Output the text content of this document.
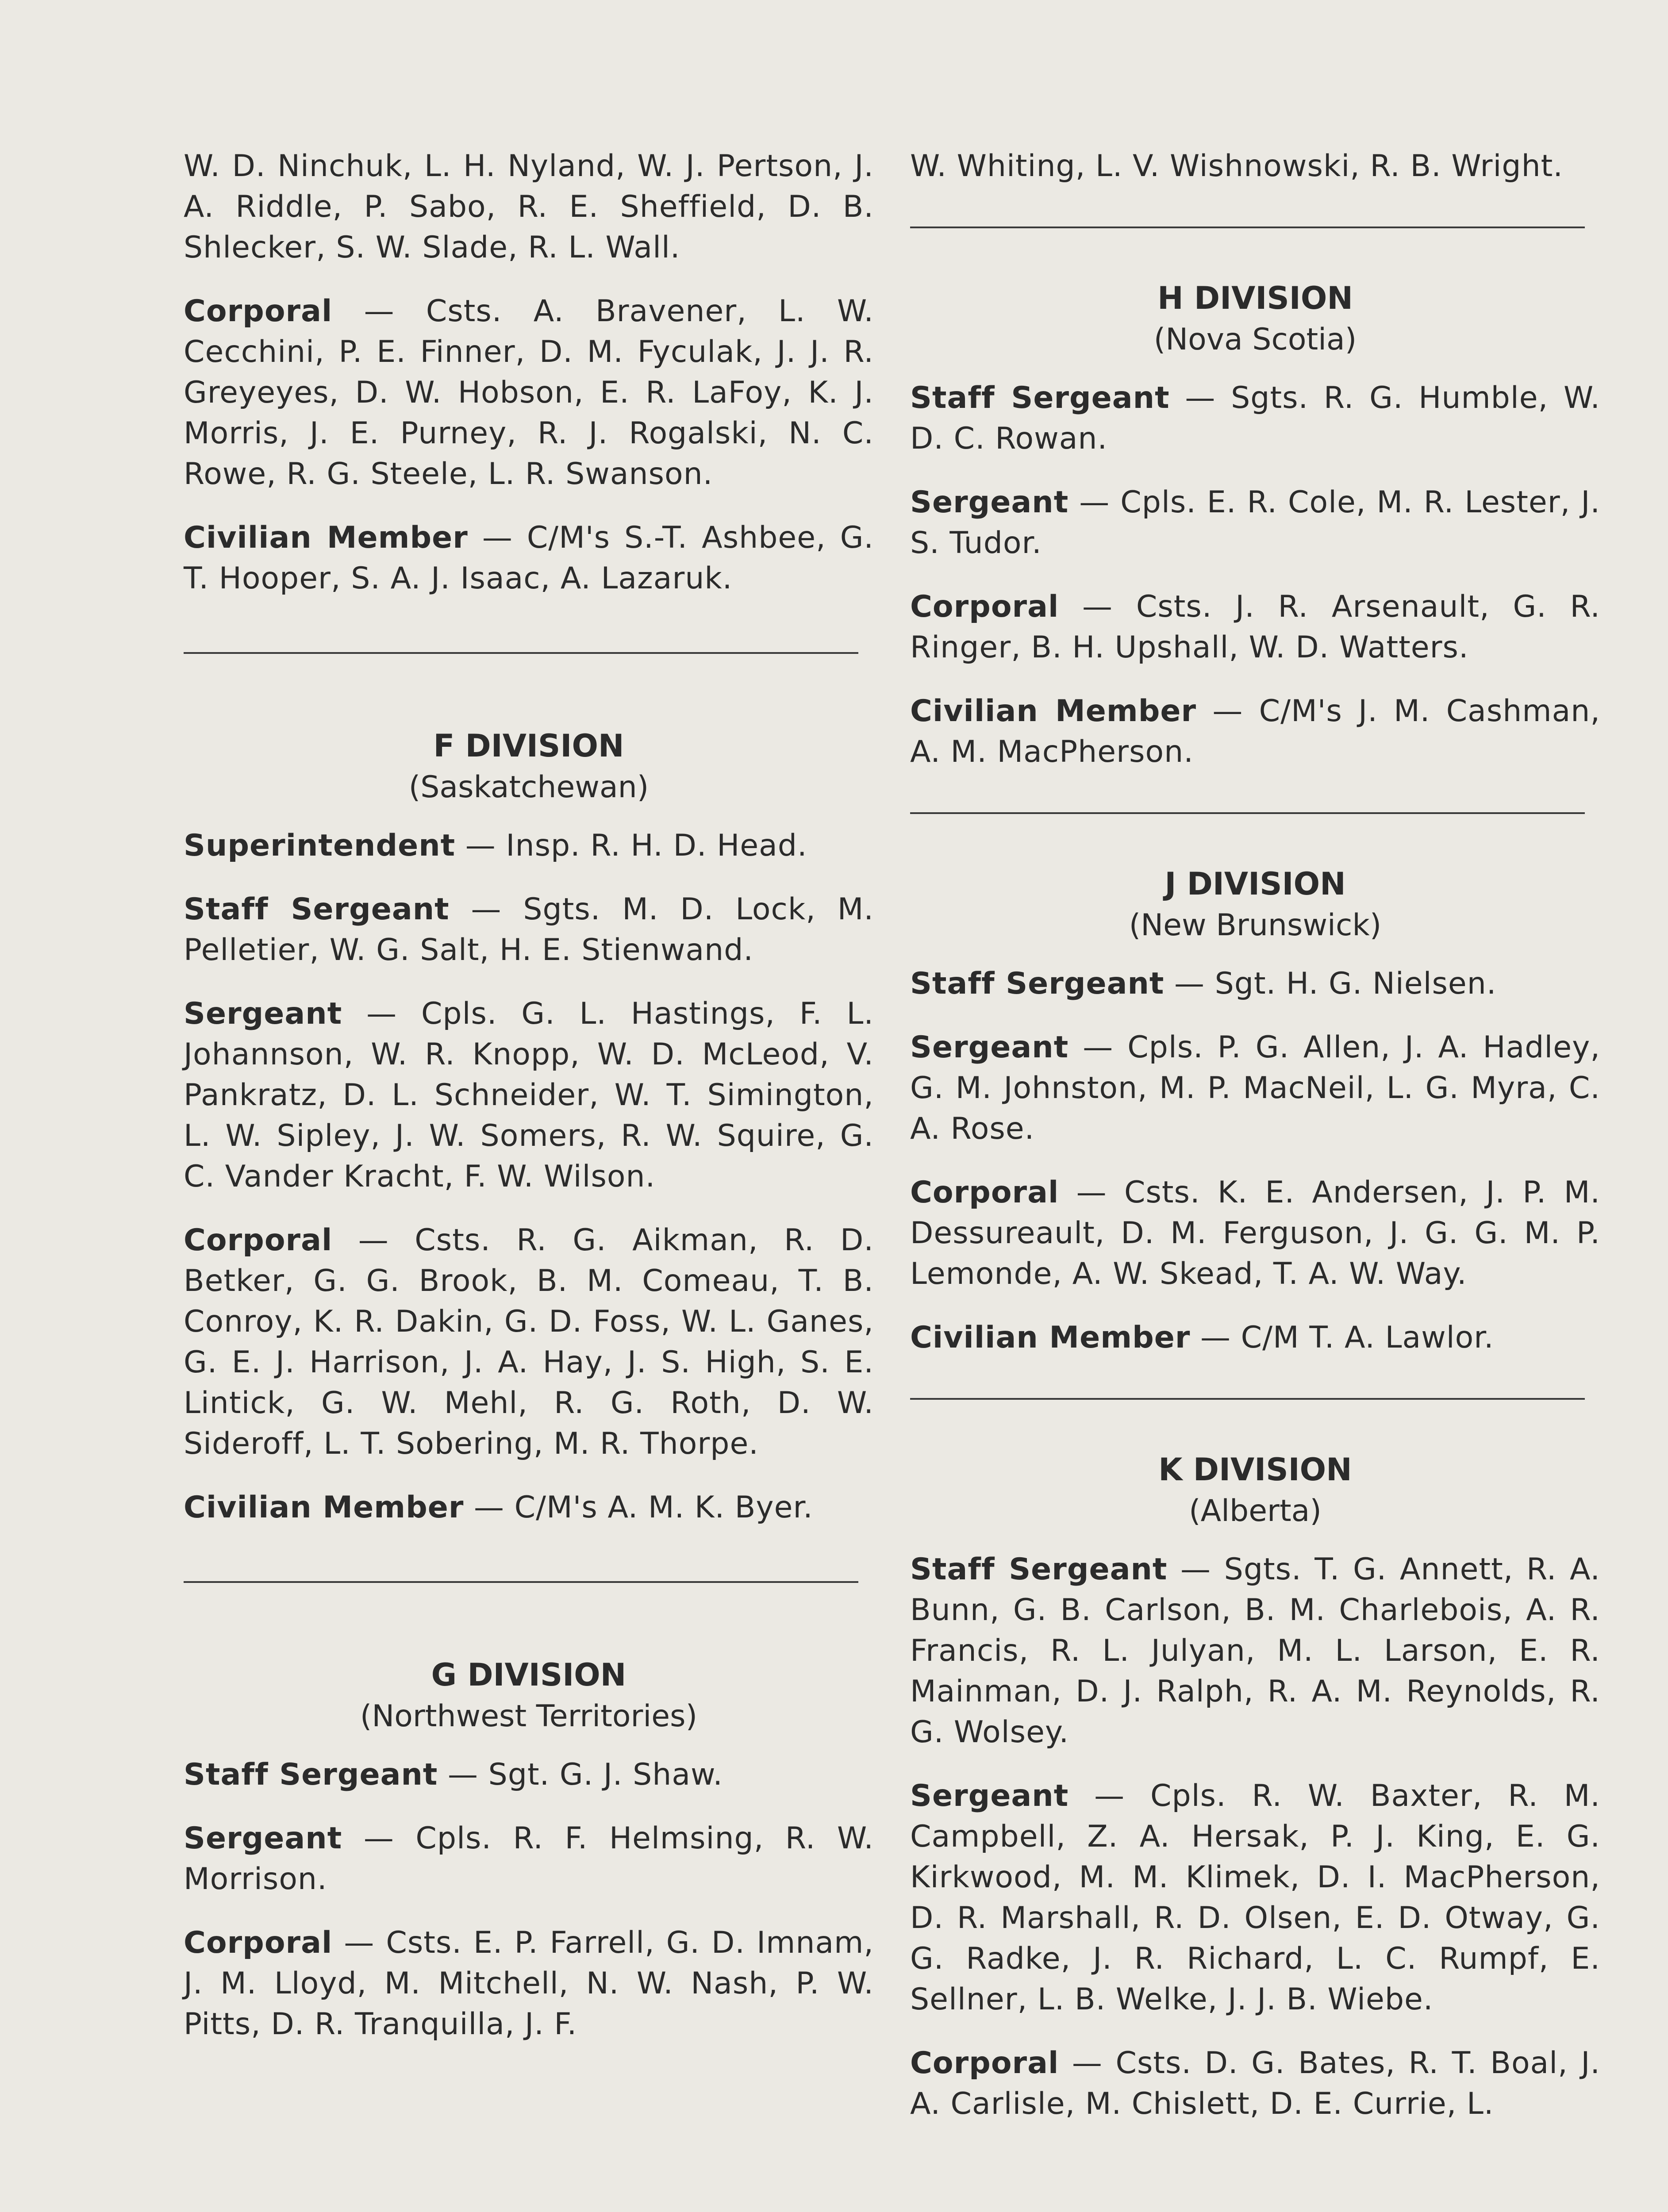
W. D. Ninchuk, L. H. Nyland, W. J. Pertson, J. A. Riddle, P. Sabo, R. E. Sheffield, D. B. Shlecker, S. W. Slade, R. L. Wall.

Corporal — Csts. A. Bravener, L. W. Cecchini, P. E. Finner, D. M. Fyculak, J. J. R. Greyeyes, D. W. Hobson, E. R. LaFoy, K. J. Morris, J. E. Purney, R. J. Rogalski, N. C. Rowe, R. G. Steele, L. R. Swanson.

Civilian Member — C/M's S.-T. Ashbee, G. T. Hooper, S. A. J. Isaac, A. Lazaruk.

F DIVISION
(Saskatchewan)

Superintendent — Insp. R. H. D. Head.

Staff Sergeant — Sgts. M. D. Lock, M. Pelletier, W. G. Salt, H. E. Stienwand.

Sergeant — Cpls. G. L. Hastings, F. L. Johannson, W. R. Knopp, W. D. McLeod, V. Pankratz, D. L. Schneider, W. T. Simington, L. W. Sipley, J. W. Somers, R. W. Squire, G. C. Vander Kracht, F. W. Wilson.

Corporal — Csts. R. G. Aikman, R. D. Betker, G. G. Brook, B. M. Comeau, T. B. Conroy, K. R. Dakin, G. D. Foss, W. L. Ganes, G. E. J. Harrison, J. A. Hay, J. S. High, S. E. Lintick, G. W. Mehl, R. G. Roth, D. W. Sideroff, L. T. Sobering, M. R. Thorpe.

Civilian Member — C/M's A. M. K. Byer.

G DIVISION
(Northwest Territories)

Staff Sergeant — Sgt. G. J. Shaw.

Sergeant — Cpls. R. F. Helmsing, R. W. Morrison.

Corporal — Csts. E. P. Farrell, G. D. Imnam, J. M. Lloyd, M. Mitchell, N. W. Nash, P. W. Pitts, D. R. Tranquilla, J. F.

W. Whiting, L. V. Wishnowski, R. B. Wright.

H DIVISION
(Nova Scotia)

Staff Sergeant — Sgts. R. G. Humble, W. D. C. Rowan.

Sergeant — Cpls. E. R. Cole, M. R. Lester, J. S. Tudor.

Corporal — Csts. J. R. Arsenault, G. R. Ringer, B. H. Upshall, W. D. Watters.

Civilian Member — C/M's J. M. Cashman, A. M. MacPherson.

J DIVISION
(New Brunswick)

Staff Sergeant — Sgt. H. G. Nielsen.

Sergeant — Cpls. P. G. Allen, J. A. Hadley, G. M. Johnston, M. P. MacNeil, L. G. Myra, C. A. Rose.

Corporal — Csts. K. E. Andersen, J. P. M. Dessureault, D. M. Ferguson, J. G. G. M. P. Lemonde, A. W. Skead, T. A. W. Way.

Civilian Member — C/M T. A. Lawlor.

K DIVISION
(Alberta)

Staff Sergeant — Sgts. T. G. Annett, R. A. Bunn, G. B. Carlson, B. M. Charlebois, A. R. Francis, R. L. Julyan, M. L. Larson, E. R. Mainman, D. J. Ralph, R. A. M. Reynolds, R. G. Wolsey.

Sergeant — Cpls. R. W. Baxter, R. M. Campbell, Z. A. Hersak, P. J. King, E. G. Kirkwood, M. M. Klimek, D. I. MacPherson, D. R. Marshall, R. D. Olsen, E. D. Otway, G. G. Radke, J. R. Richard, L. C. Rumpf, E. Sellner, L. B. Welke, J. J. B. Wiebe.

Corporal — Csts. D. G. Bates, R. T. Boal, J. A. Carlisle, M. Chislett, D. E. Currie, L.
